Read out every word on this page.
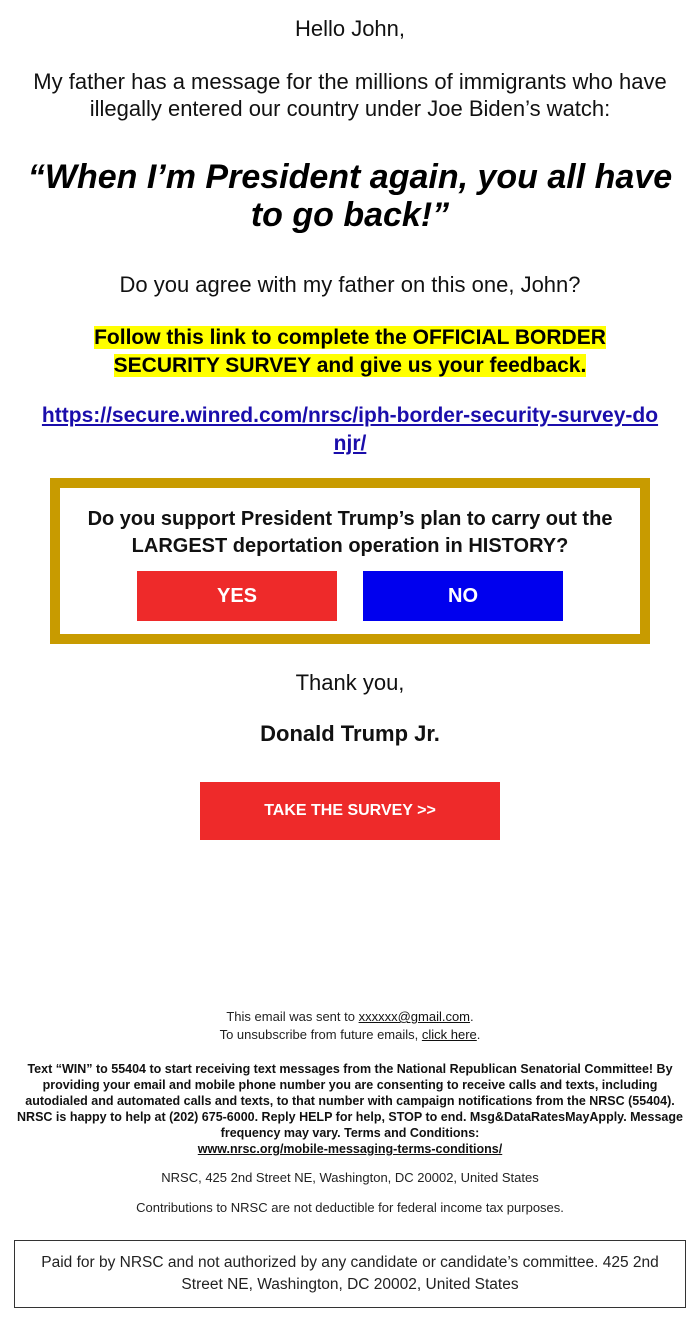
Hello John,

My father has a message for the millions of immigrants who have illegally entered our country under Joe Biden’s watch:

“When I’m President again, you all have to go back!”

Do you agree with my father on this one, John?

Follow this link to complete the OFFICIAL BORDER SECURITY SURVEY and give us your feedback.

https://secure.winred.com/nrsc/iph-border-security-survey-donjr/

Do you support President Trump’s plan to carry out the LARGEST deportation operation in HISTORY?

YES	NO
Thank you,
Donald Trump Jr.
TAKE THE SURVEY >>

This email was sent to xxxxxx@gmail.com.

To unsubscribe from future emails, click here.

Text “WIN” to 55404 to start receiving text messages from the National Republican Senatorial Committee! By providing your email and mobile phone number you are consenting to receive calls and texts, including autodialed and automated calls and texts, to that number with campaign notifications from the NRSC (55404). NRSC is happy to help at (202) 675-6000. Reply HELP for help, STOP to end. Msg&DataRatesMayApply. Message frequency may vary. Terms and Conditions:
www.nrsc.org/mobile-messaging-terms-conditions/
NRSC, 425 2nd Street NE, Washington, DC 20002, United States
Contributions to NRSC are not deductible for federal income tax purposes.
Paid for by NRSC and not authorized by any candidate or candidate’s committee. 425 2nd Street NE, Washington, DC 20002, United States
